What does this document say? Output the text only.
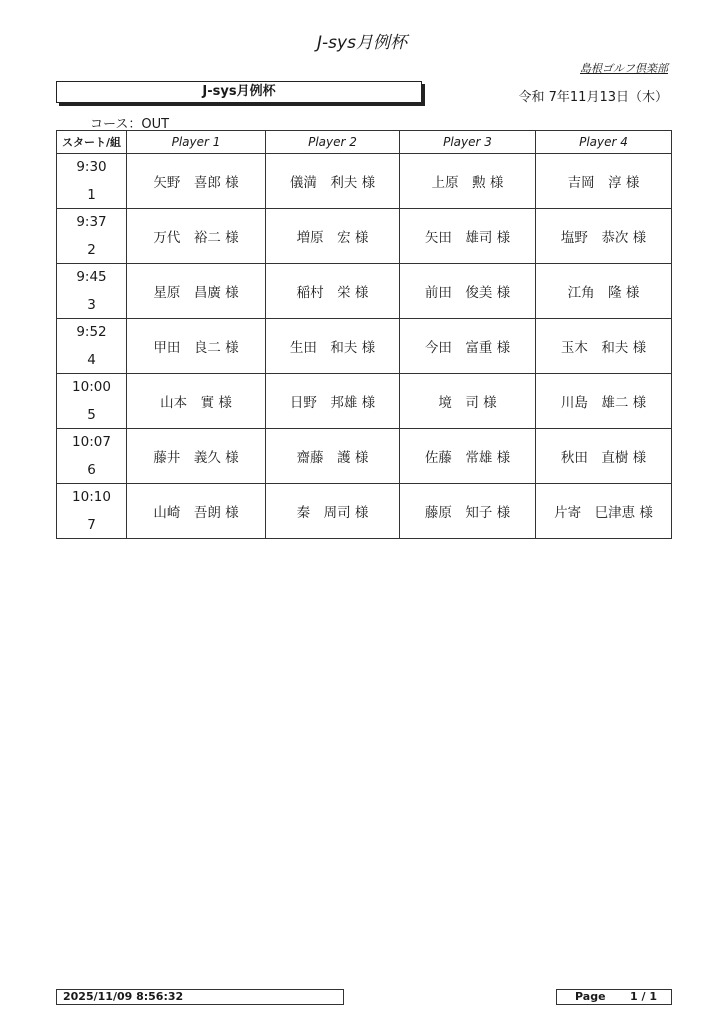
J-sys月例杯
島根ゴルフ倶楽部
J-sys月例杯	令和 7年11月13日（木）
コース：OUT
スタート/組	Player 1	Player 2	Player 3	Player 4

9:30
1	矢野　喜郎 様	儀満　利夫 様	上原　勲 様	吉岡　淳 様

9:37
2	万代　裕二 様	増原　宏 様	矢田　雄司 様	塩野　恭次 様

9:45
3	星原　昌廣 様	稲村　栄 様	前田　俊美 様	江角　隆 様

9:52
4	甲田　良二 様	生田　和夫 様	今田　富重 様	玉木　和夫 様

10:00
5	山本　實 様	日野　邦雄 様	境　司 様	川島　雄二 様

10:07
6	藤井　義久 様	齋藤　護 様	佐藤　常雄 様	秋田　直樹 様

10:10
7	山崎　吾朗 様	秦　周司 様	藤原　知子 様	片寄　巳津恵 様
2025/11/09 8:56:32	Page 1 / 1
